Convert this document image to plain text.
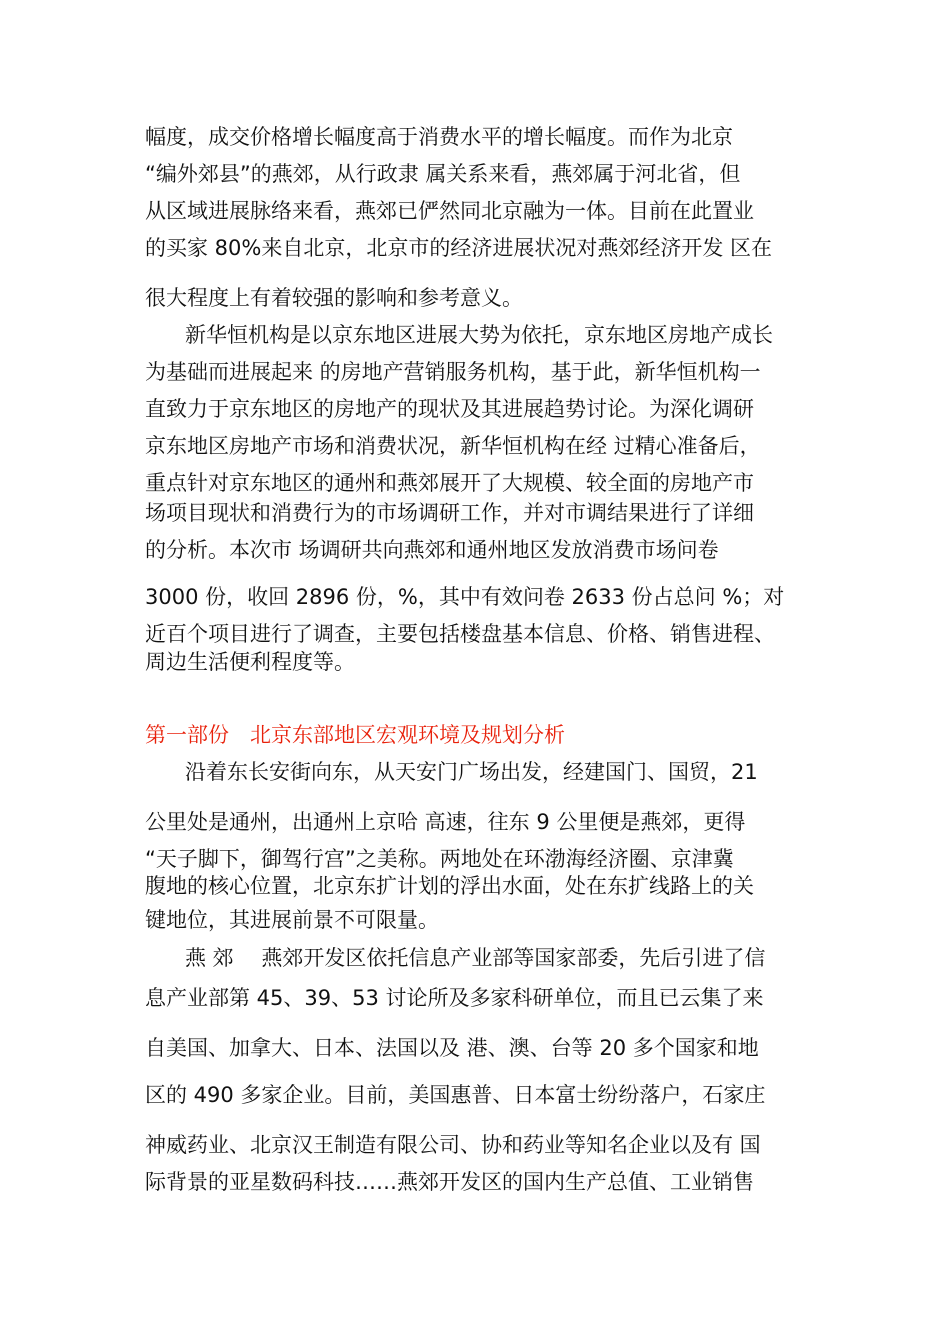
幅度，成交价格增长幅度高于消费水平的增长幅度。而作为北京
“编外郊县”的燕郊，从行政隶 属关系来看，燕郊属于河北省，但
从区域进展脉络来看，燕郊已俨然同北京融为一体。目前在此置业
的买家 80%来自北京，北京市的经济进展状况对燕郊经济开发 区在
很大程度上有着较强的影响和参考意义。
新华恒机构是以京东地区进展大势为依托，京东地区房地产成长
为基础而进展起来 的房地产营销服务机构，基于此，新华恒机构一
直致力于京东地区的房地产的现状及其进展趋势讨论。为深化调研
京东地区房地产市场和消费状况，新华恒机构在经 过精心准备后，
重点针对京东地区的通州和燕郊展开了大规模、较全面的房地产市
场项目现状和消费行为的市场调研工作，并对市调结果进行了详细
的分析。本次市 场调研共向燕郊和通州地区发放消费市场问卷
3000 份，收回 2896 份，%，其中有效问卷 2633 份占总问 %；对
近百个项目进行了调查，主要包括楼盘基本信息、价格、销售进程、
周边生活便利程度等。
第一部份　北京东部地区宏观环境及规划分析
沿着东长安街向东，从天安门广场出发，经建国门、国贸，21
公里处是通州，出通州上京哈 高速，往东 9 公里便是燕郊，更得
“天子脚下，御驾行宫”之美称。两地处在环渤海经济圈、京津冀
腹地的核心位置，北京东扩计划的浮出水面，处在东扩线路上的关
键地位，其进展前景不可限量。
燕 郊　 燕郊开发区依托信息产业部等国家部委，先后引进了信
息产业部第 45、39、53 讨论所及多家科研单位，而且已云集了来
自美国、加拿大、日本、法国以及 港、澳、台等 20 多个国家和地
区的 490 多家企业。目前，美国惠普、日本富士纷纷落户，石家庄
神威药业、北京汉王制造有限公司、协和药业等知名企业以及有 国
际背景的亚星数码科技……燕郊开发区的国内生产总值、工业销售
